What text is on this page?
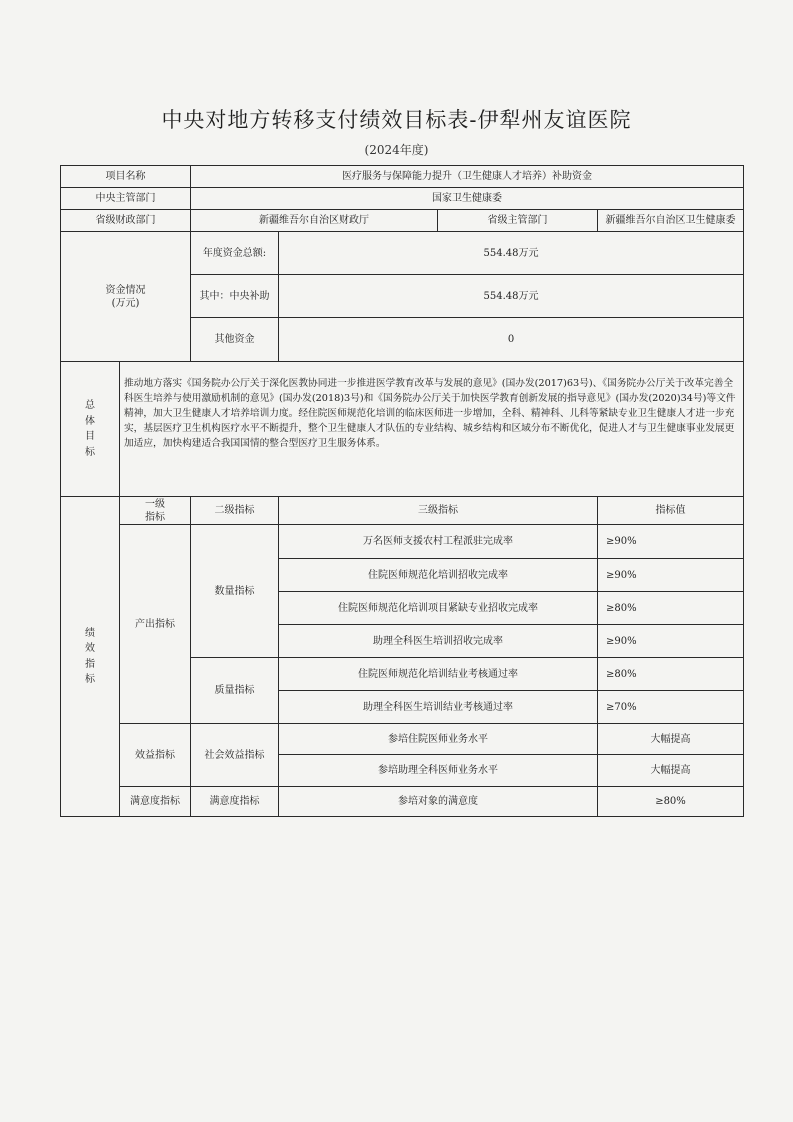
中央对地方转移支付绩效目标表-伊犁州友谊医院
(2024年度)
项目名称		医疗服务与保障能力提升（卫生健康人才培养）补助资金			
中央主管部门		国家卫生健康委			
省级财政部门		新疆维吾尔自治区财政厅		省级主管部门	新疆维吾尔自治区卫生健康委

资金情况
(万元)		年度资金总额:	554.48万元		
		其中：中央补助	554.48万元		
		其他资金	0		
总体目标	推动地方落实《国务院办公厅关于深化医教协同进一步推进医学教育改革与发展的意见》(国办发(2017)63号)、《国务院办公厅关于改革完善全科医生培养与使用激励机制的意见》(国办发(2018)3号)和《国务院办公厅关于加快医学教育创新发展的指导意见》(国办发(2020)34号)等文件精神，加大卫生健康人才培养培训力度。经住院医师规范化培训的临床医师进一步增加，全科、精神科、儿科等紧缺专业卫生健康人才进一步充实，基层医疗卫生机构医疗水平不断提升，整个卫生健康人才队伍的专业结构、城乡结构和区域分布不断优化，促进人才与卫生健康事业发展更加适应，加快构建适合我国国情的整合型医疗卫生服务体系。				
绩效指标	一级指标	二级指标	三级指标		指标值
	产出指标	数量指标	万名医师支援农村工程派驻完成率		≥90%
			住院医师规范化培训招收完成率		≥90%
			住院医师规范化培训项目紧缺专业招收完成率		≥80%
			助理全科医生培训招收完成率		≥90%
		质量指标	住院医师规范化培训结业考核通过率		≥80%
			助理全科医生培训结业考核通过率		≥70%
	效益指标	社会效益指标	参培住院医师业务水平		大幅提高
			参培助理全科医师业务水平		大幅提高
	满意度指标	满意度指标	参培对象的满意度		≥80%
